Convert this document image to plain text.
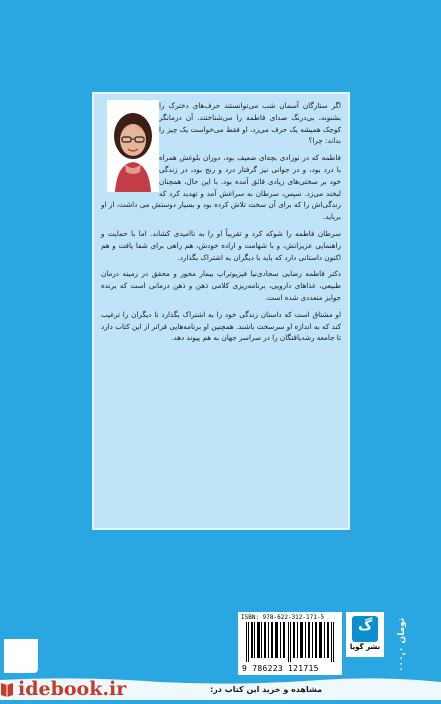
اگر ستارگان آسمان شب می‌توانستند حرف‌های دخترک را بشنوند، بی‌درنگ صدای فاطمه را می‌شناختند. آن درمانگر کوچک همیشه یک حرف می‌زد، او فقط می‌خواست یک چیز را بداند: چرا؟

فاطمه که در نوزادی بچه‌ای ضعیف بود، دوران بلوغش همراه با درد بود، و در جوانی نیز گرفتار درد و رنج بود، در زندگی خود بر سختی‌های زیادی فائق آمده بود. با این حال، همچنان لبخند می‌زد. سپس، سرطان به سراغش آمد و تهدید کرد که زندگی‌اش را که برای آن سخت تلاش کرده بود و بسیار دوستش می داشت، از او برباید.

سرطان فاطمه را شوکه کرد و تقریباً او را به ناامیدی کشاند. اما با حمایت و راهنمایی عزیزانش، و با شهامت و اراده خودش، هم راهی برای شفا یافت و هم اکنون داستانی دارد که باید با دیگران به اشتراک بگذارد.

دکتر فاطمه رضایی سجادی‌نیا فیزیوتراپ بیمار محور و محقق در زمینه درمان طبیعی، غذاهای دارویی، برنامه‌ریزی کلامی ذهن و ذهن درمانی است که برنده جوایز متعددی شده است.

او مشتاق است که داستان زندگی خود را به اشتراک بگذارد تا دیگران را ترغیب کند که به اندازه او سرسخت باشند. همچنین او برنامه‌هایی فراتر از این کتاب دارد تا جامعه رشدیافتگان را در سراسر جهان به هم پیوند دهد.

۰۰۰,۰ تومان
گ
نشر گویا
ISBN: 978-622-312-171-5
9 786223 121715
idebook.ir	مشاهده و خرید این کتاب در:
